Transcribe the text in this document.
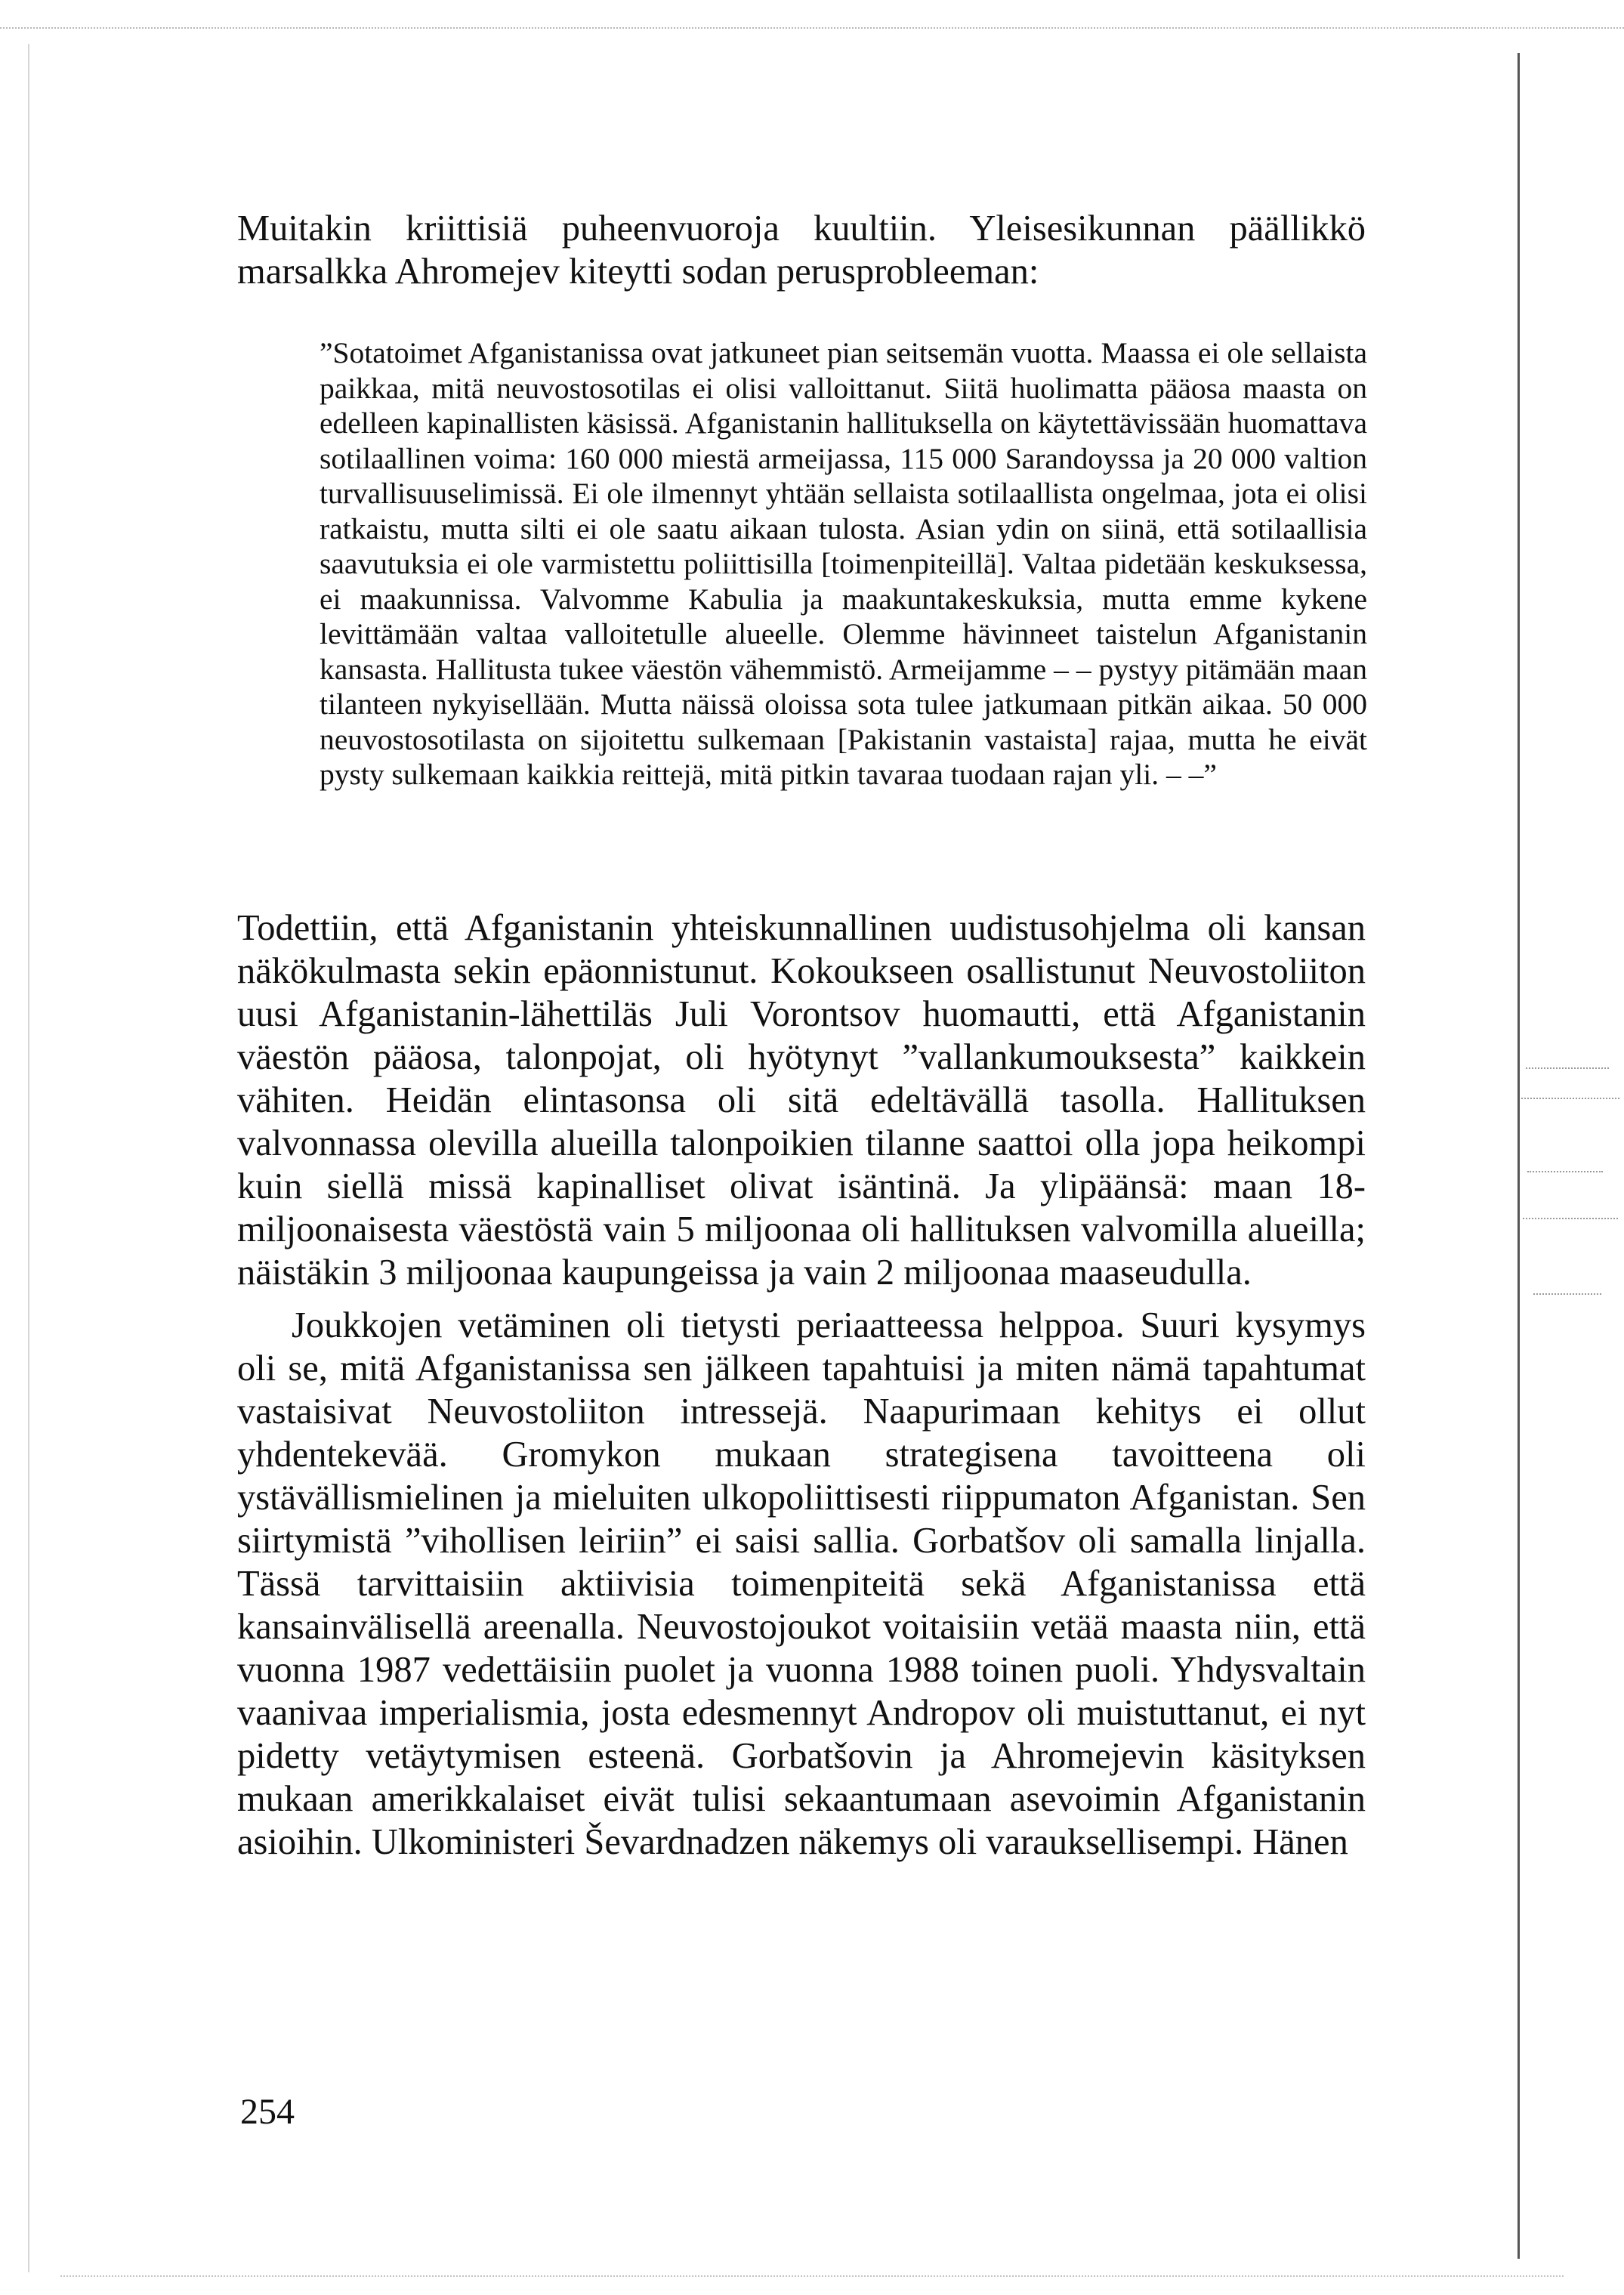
Muitakin kriittisiä puheenvuoroja kuultiin. Yleisesikunnan päällikkö marsalkka Ahromejev kiteytti sodan perusprobleeman:

”Sotatoimet Afganistanissa ovat jatkuneet pian seitsemän vuotta. Maassa ei ole sellaista paikkaa, mitä neuvostosotilas ei olisi valloittanut. Siitä huolimatta pääosa maasta on edelleen kapinallisten käsissä. Afganistanin hallituksella on käytettävissään huomattava sotilaallinen voima: 160 000 miestä armeijassa, 115 000 Sarandoyssa ja 20 000 valtion turvallisuuselimissä. Ei ole ilmennyt yhtään sellaista sotilaallista ongelmaa, jota ei olisi ratkaistu, mutta silti ei ole saatu aikaan tulosta. Asian ydin on siinä, että sotilaallisia saavutuksia ei ole varmistettu poliittisilla [toimenpiteillä]. Valtaa pidetään keskuksessa, ei maakunnissa. Valvomme Kabulia ja maakuntakeskuksia, mutta emme kykene levittämään valtaa valloitetulle alueelle. Olemme hävinneet taistelun Afganistanin kansasta. Hallitusta tukee väestön vähemmistö. Armeijamme – – pystyy pitämään maan tilanteen nykyisellään. Mutta näissä oloissa sota tulee jatkumaan pitkän aikaa. 50 000 neuvostosotilasta on sijoitettu sulkemaan [Pakistanin vastaista] rajaa, mutta he eivät pysty sulkemaan kaikkia reittejä, mitä pitkin tavaraa tuodaan rajan yli. – –”

Todettiin, että Afganistanin yhteiskunnallinen uudistusohjelma oli kansan näkökulmasta sekin epäonnistunut. Kokoukseen osallistunut Neuvostoliiton uusi Afganistanin-lähettiläs Juli Vorontsov huomautti, että Afganistanin väestön pääosa, talonpojat, oli hyötynyt ”vallankumouksesta” kaikkein vähiten. Heidän elintasonsa oli sitä edeltävällä tasolla. Hallituksen valvonnassa olevilla alueilla talonpoikien tilanne saattoi olla jopa heikompi kuin siellä missä kapinalliset olivat isäntinä. Ja ylipäänsä: maan 18-miljoonaisesta väestöstä vain 5 miljoonaa oli hallituksen valvomilla alueilla; näistäkin 3 miljoonaa kaupungeissa ja vain 2 miljoonaa maaseudulla.

Joukkojen vetäminen oli tietysti periaatteessa helppoa. Suuri kysymys oli se, mitä Afganistanissa sen jälkeen tapahtuisi ja miten nämä tapahtumat vastaisivat Neuvostoliiton intressejä. Naapurimaan kehitys ei ollut yhdentekevää. Gromykon mukaan strategisena tavoitteena oli ystävällismielinen ja mieluiten ulkopoliittisesti riippumaton Afganistan. Sen siirtymistä ”vihollisen leiriin” ei saisi sallia. Gorbatšov oli samalla linjalla. Tässä tarvittaisiin aktiivisia toimenpiteitä sekä Afganistanissa että kansainvälisellä areenalla. Neuvostojoukot voitaisiin vetää maasta niin, että vuonna 1987 vedettäisiin puolet ja vuonna 1988 toinen puoli. Yhdysvaltain vaanivaa imperialismia, josta edesmennyt Andropov oli muistuttanut, ei nyt pidetty vetäytymisen esteenä. Gorbatšovin ja Ahromejevin käsityksen mukaan amerikkalaiset eivät tulisi sekaantumaan asevoimin Afganistanin asioihin. Ulkoministeri Ševardnadzen näkemys oli varauksellisempi. Hänen

254
